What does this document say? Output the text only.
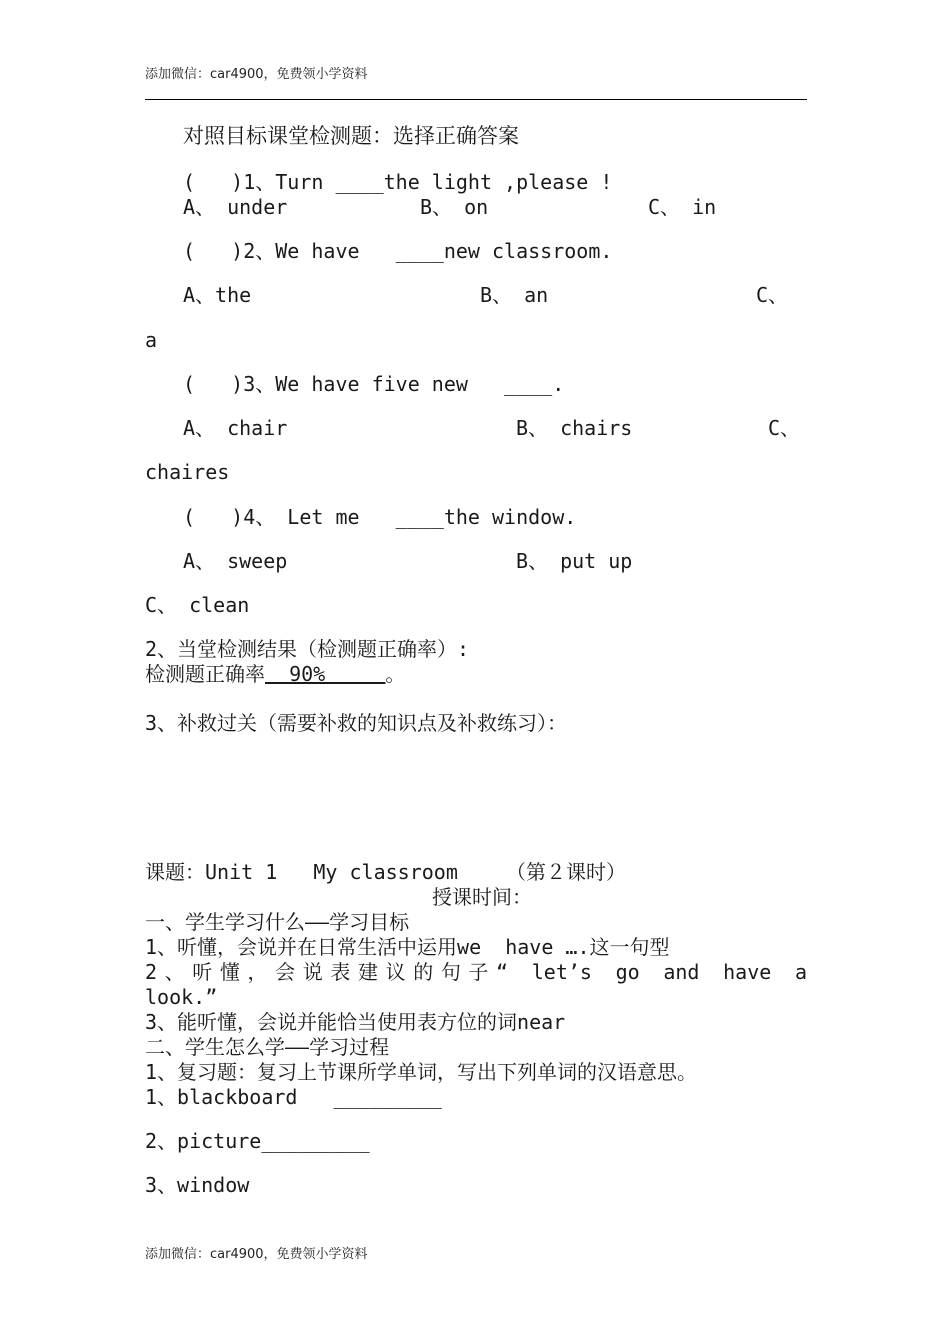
添加微信：car4900，免费领小学资料
对照目标课堂检测题：选择正确答案
(   )1、Turn ____the light ,please !
A、 under	B、 on	C、 in
(   )2、We have   ____new classroom.
A、the	B、 an	C、
a
(   )3、We have five new   ____.
A、 chair	B、 chairs	C、
chaires
(   )4、 Let me   ____the window.
A、 sweep	B、 put up
C、 clean
2、当堂检测结果（检测题正确率）:
检测题正确率  90%     。
3、补救过关（需要补救的知识点及补救练习）：
课题：Unit 1   My classroom    （第２课时）
授课时间：
一、学生学习什么——学习目标
1、听懂，会说并在日常生活中运用we  have ….这一句型
2、听懂，会说表建议的句子“ let’s go and have a
look.”
3、能听懂，会说并能恰当使用表方位的词near
二、学生怎么学——学习过程
1、复习题：复习上节课所学单词，写出下列单词的汉语意思。
1、blackboard   _________
2、picture_________
3、window
添加微信：car4900，免费领小学资料
